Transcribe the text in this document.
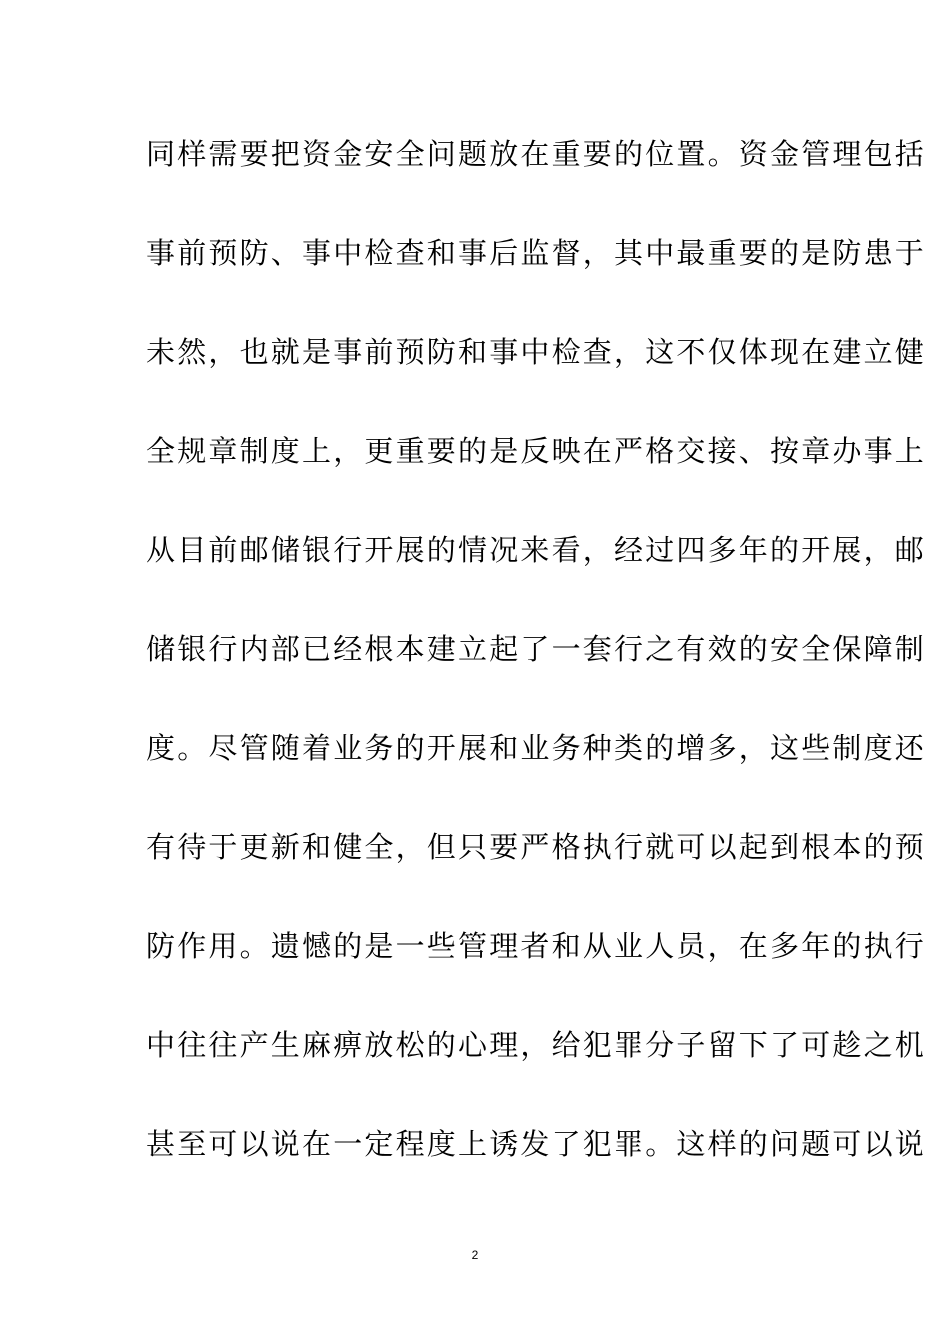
同样需要把资金安全问题放在重要的位置。资金管理包括
事前预防、事中检查和事后监督，其中最重要的是防患于
未然，也就是事前预防和事中检查，这不仅体现在建立健
全规章制度上，更重要的是反映在严格交接、按章办事上
从目前邮储银行开展的情况来看，经过四多年的开展，邮
储银行内部已经根本建立起了一套行之有效的安全保障制
度。尽管随着业务的开展和业务种类的增多，这些制度还
有待于更新和健全，但只要严格执行就可以起到根本的预
防作用。遗憾的是一些管理者和从业人员，在多年的执行
中往往产生麻痹放松的心理，给犯罪分子留下了可趁之机
甚至可以说在一定程度上诱发了犯罪。这样的问题可以说
2
